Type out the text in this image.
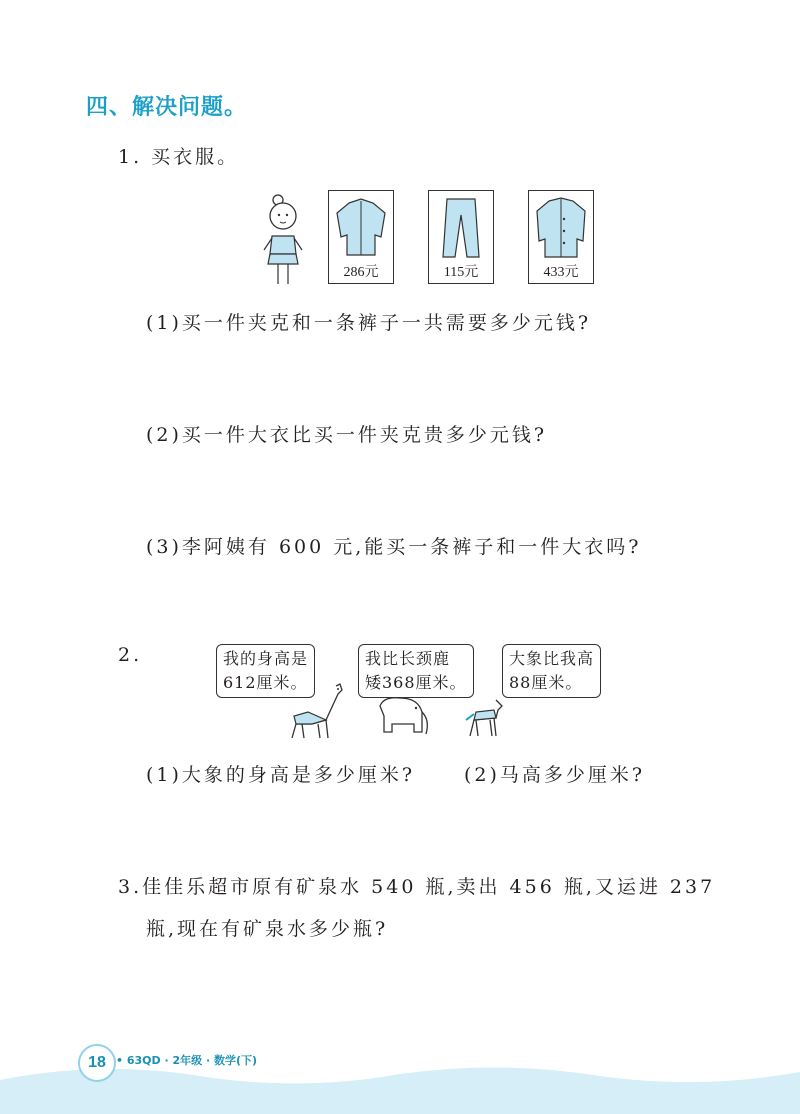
四、解决问题。
1. 买衣服。
286元	115元	433元
(1)买一件夹克和一条裤子一共需要多少元钱?
(2)买一件大衣比买一件夹克贵多少元钱?
(3)李阿姨有 600 元,能买一条裤子和一件大衣吗?
2.	我的身高是
612厘米。
我比长颈鹿
矮368厘米。
大象比我高
88厘米。
(1)大象的身高是多少厘米?	(2)马高多少厘米?
3.佳佳乐超市原有矿泉水 540 瓶,卖出 456 瓶,又运进 237
瓶,现在有矿泉水多少瓶?
18 • 63QD · 2年级 · 数学(下)
